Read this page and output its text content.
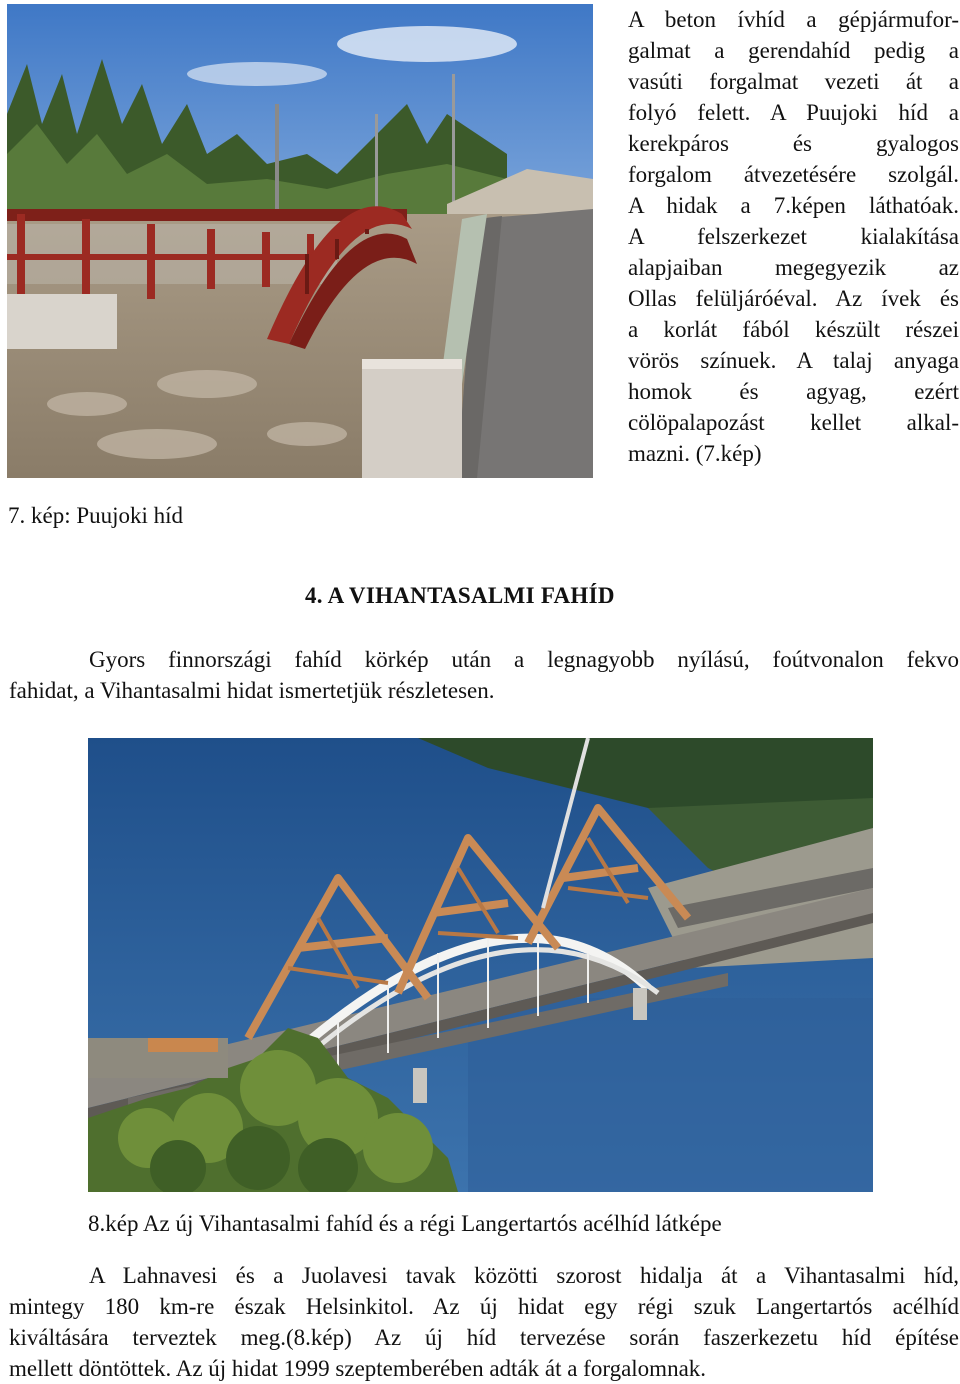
A beton ívhíd a gépjármufor-
galmat a gerendahíd pedig a
vasúti forgalmat vezeti át a
folyó felett. A Puujoki híd a
kerekpáros és gyalogos
forgalom átvezetésére szolgál.
A hidak a 7.képen láthatóak.
A felszerkezet kialakítása
alapjaiban megegyezik az
Ollas felüljáróéval. Az ívek és
a korlát fából készült részei
vörös színuek. A talaj anyaga
homok és agyag, ezért
cölöpalapozást kellet alkal-
mazni. (7.kép)
7. kép: Puujoki híd
4. A VIHANTASALMI FAHÍD
Gyors finnországi fahíd körkép után a legnagyobb nyílású, foútvonalon fekvo
fahidat, a Vihantasalmi hidat ismertetjük részletesen.
8.kép Az új Vihantasalmi fahíd és a régi Langertartós acélhíd látképe
A Lahnavesi és a Juolavesi tavak közötti szorost hidalja át a Vihantasalmi híd,
mintegy 180 km-re észak Helsinkitol. Az új hidat egy régi szuk Langertartós acélhíd
kiváltására terveztek meg.(8.kép) Az új híd tervezése során faszerkezetu híd építése
mellett döntöttek. Az új hidat 1999 szeptemberében adták át a forgalomnak.
